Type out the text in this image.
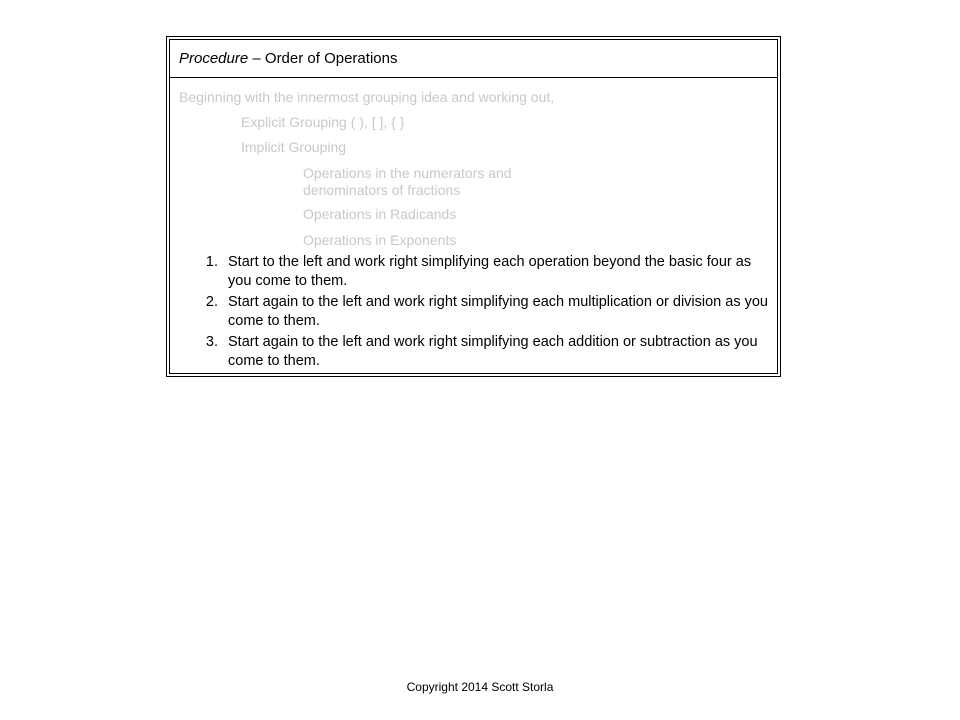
Procedure – Order of Operations
Beginning with the innermost grouping idea and working out,
Explicit Grouping ( ), [ ], { }
Implicit Grouping
Operations in the numerators and
denominators of fractions
Operations in Radicands
Operations in Exponents
1. Start to the left and work right simplifying each operation beyond the basic four as you come to them.
2. Start again to the left and work right simplifying each multiplication or division as you come to them.
3. Start again to the left and work right simplifying each addition or subtraction as you come to them.
Copyright 2014 Scott Storla
